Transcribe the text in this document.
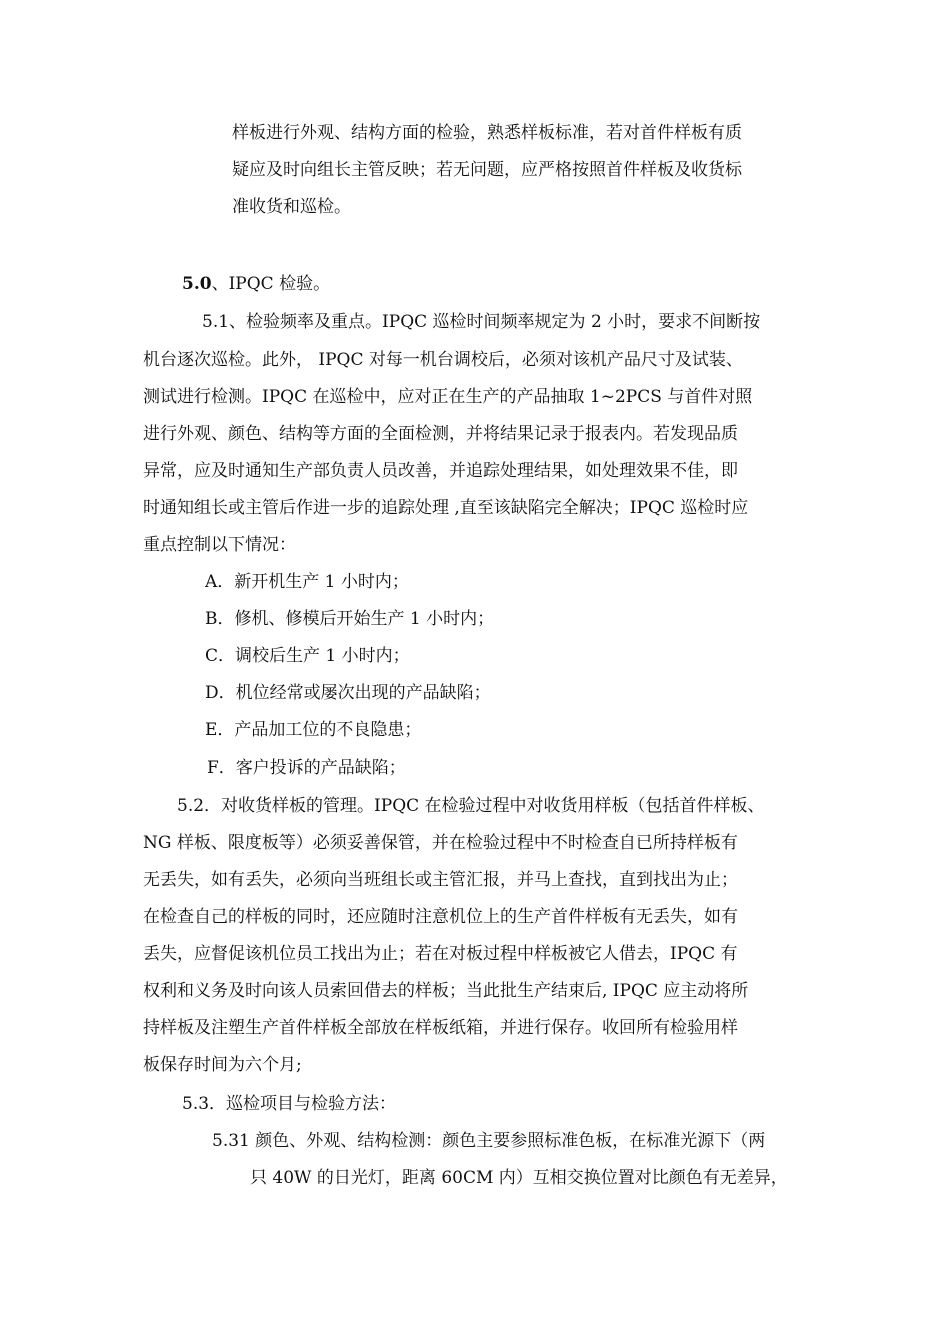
样板进行外观、结构方面的检验，熟悉样板标准，若对首件样板有质
疑应及时向组长主管反映；若无问题，应严格按照首件样板及收货标
准收货和巡检。
5.0、IPQC 检验。
5.1、检验频率及重点。IPQC 巡检时间频率规定为 2 小时，要求不间断按
机台逐次巡检。此外， IPQC 对每一机台调校后，必须对该机产品尺寸及试装、
测试进行检测。IPQC 在巡检中，应对正在生产的产品抽取 1~2PCS 与首件对照
进行外观、颜色、结构等方面的全面检测，并将结果记录于报表内。若发现品质
异常，应及时通知生产部负责人员改善，并追踪处理结果，如处理效果不佳，即
时通知组长或主管后作进一步的追踪处理 ,直至该缺陷完全解决；IPQC 巡检时应
重点控制以下情况：
A．新开机生产 1 小时内；
B．修机、修模后开始生产 1 小时内；
C．调校后生产 1 小时内；
D．机位经常或屡次出现的产品缺陷；
E．产品加工位的不良隐患；
F．客户投诉的产品缺陷；
5.2．对收货样板的管理。IPQC 在检验过程中对收货用样板（包括首件样板、
NG 样板、限度板等）必须妥善保管，并在检验过程中不时检查自已所持样板有
无丢失，如有丢失，必须向当班组长或主管汇报，并马上查找，直到找出为止；
在检查自己的样板的同时，还应随时注意机位上的生产首件样板有无丢失，如有
丢失，应督促该机位员工找出为止；若在对板过程中样板被它人借去，IPQC 有
权利和义务及时向该人员索回借去的样板；当此批生产结束后, IPQC 应主动将所
持样板及注塑生产首件样板全部放在样板纸箱，并进行保存。收回所有检验用样
板保存时间为六个月;
5.3．巡检项目与检验方法：
5.31 颜色、外观、结构检测：颜色主要参照标准色板，在标准光源下（两
只 40W 的日光灯，距离 60CM 内）互相交换位置对比颜色有无差异，
